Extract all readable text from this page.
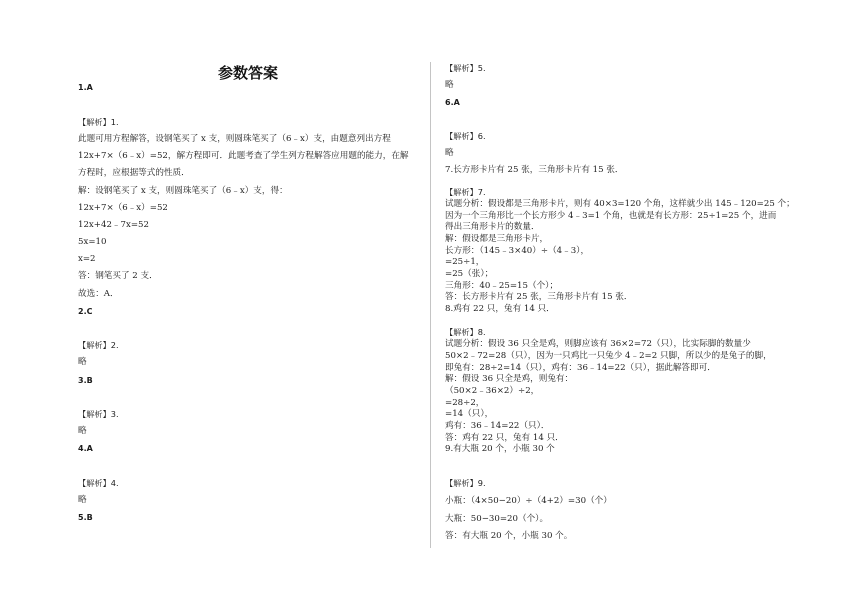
参数答案
1.A
【解析】1.
此题可用方程解答，设钢笔买了 x 支，则圆珠笔买了（6﹣x）支，由题意列出方程
12x+7×（6﹣x）=52，解方程即可．此题考查了学生列方程解答应用题的能力，在解
方程时，应根据等式的性质．
解：设钢笔买了 x 支，则圆珠笔买了（6﹣x）支，得：
12x+7×（6﹣x）=52
12x+42﹣7x=52
5x=10
x=2
答：钢笔买了 2 支．
故选：A．
2.C
【解析】2.
略
3.B
【解析】3.
略
4.A
【解析】4.
略
5.B
【解析】5.
略
6.A
【解析】6.
略
7.长方形卡片有 25 张，三角形卡片有 15 张．
【解析】7.
试题分析：假设都是三角形卡片，则有 40×3=120 个角，这样就少出 145﹣120=25 个；
因为一个三角形比一个长方形少 4﹣3=1 个角，也就是有长方形：25÷1=25 个，进而
得出三角形卡片的数量．
解：假设都是三角形卡片，
长方形：（145﹣3×40）÷（4﹣3），
=25÷1，
=25（张）；
三角形：40﹣25=15（个）；
答：长方形卡片有 25 张，三角形卡片有 15 张．
8.鸡有 22 只，兔有 14 只．
【解析】8.
试题分析：假设 36 只全是鸡，则脚应该有 36×2=72（只），比实际脚的数量少
50×2﹣72=28（只），因为一只鸡比一只兔少 4﹣2=2 只脚，所以少的是兔子的脚，
即兔有：28÷2=14（只），鸡有：36﹣14=22（只），据此解答即可．
解：假设 36 只全是鸡，则兔有：
（50×2﹣36×2）÷2，
=28÷2，
=14（只），
鸡有：36﹣14=22（只）．
答：鸡有 22 只，兔有 14 只．
9.有大瓶 20 个，小瓶 30 个
【解析】9.
小瓶：（4×50−20）÷（4+2）=30（个）
大瓶：50−30=20（个）。
答：有大瓶 20 个，小瓶 30 个。
